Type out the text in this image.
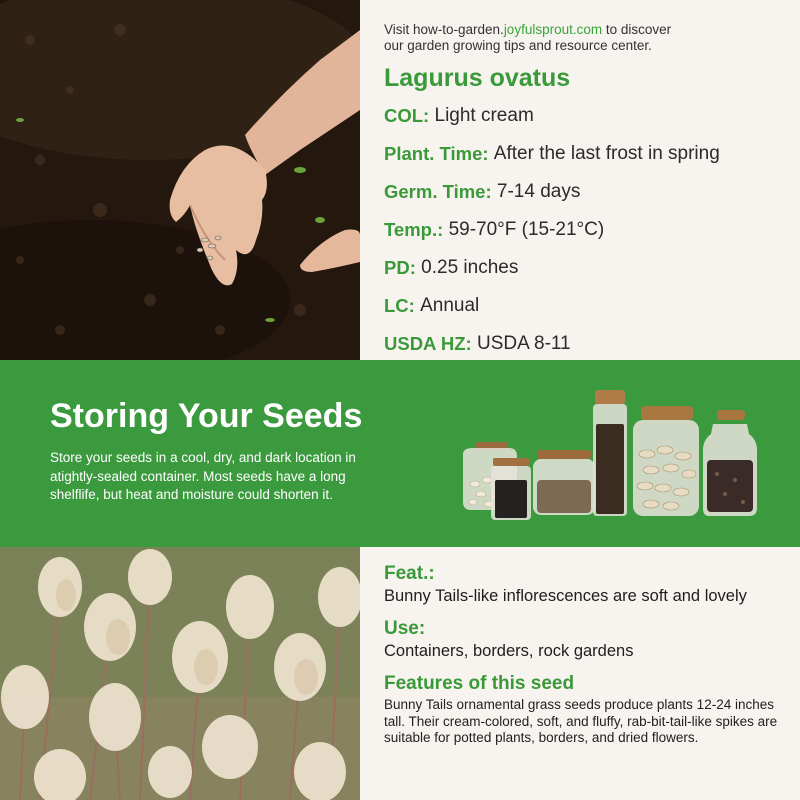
Visit how-to-garden.joyfulsprout.com to discover
our garden growing tips and resource center.
Lagurus ovatus
COL:
Light cream
Plant. Time:
After the last frost in spring
Germ. Time:
7-14 days
Temp.:
59-70°F (15-21°C)
PD:
0.25 inches
LC:
Annual
USDA HZ:
USDA 8-11
Storing Your Seeds
Store your seeds in a cool, dry, and dark location in atightly-sealed container. Most seeds have a long shelflife, but heat and moisture could shorten it.
Feat.:
Bunny Tails-like inflorescences are soft and lovely
Use:
Containers, borders, rock gardens
Features of this seed
Bunny Tails ornamental grass seeds produce plants 12-24 inches tall. Their cream-colored, soft, and fluffy, rab-bit-tail-like spikes are suitable for potted plants, borders, and dried flowers.
